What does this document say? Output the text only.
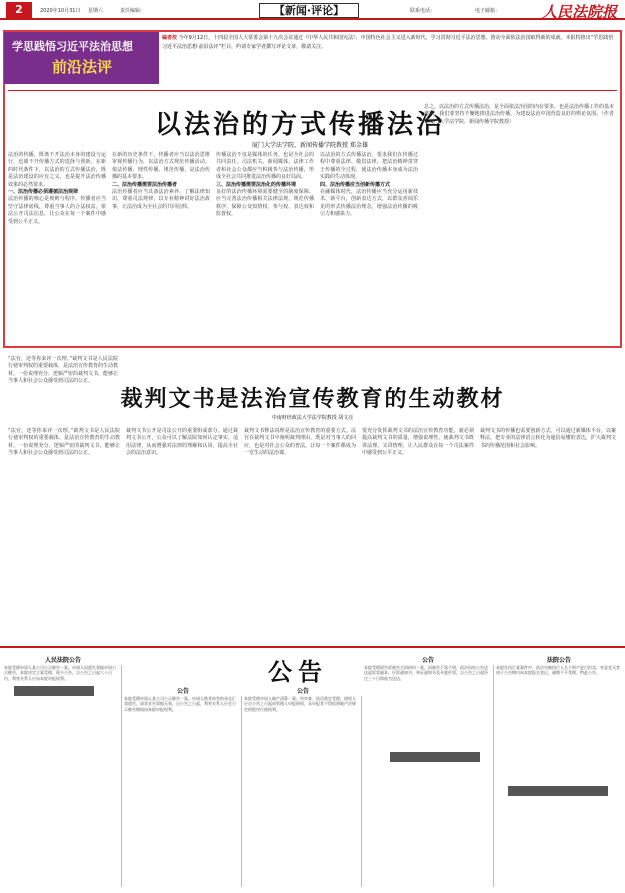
2	2020年10月31日 星期六	责任编辑：	【新闻·评论】	联系电话：	电子邮箱：	人民法院报
学思践悟习近平法治思想
前沿法评
编者按 今年9月12日，十四届全国人大常委会第十九次会议通过《中华人民共和国宪法》，中国特色社会主义进入新时代，学习贯彻习近平法治思想，推动全面依法治国取得新的成就。本报特推出“学思践悟习近平法治思想·前沿法评”栏目，约请专家学者撰写评论文章，敬请关注。
以法治的方式传播法治
厦门大学法学院、新闻传播学院教授 郑金雄
法治的传播，既离不开法治本身的建设与运行，也离不开传播方式的选择与创新。在新的时代条件下，以法治的方式传播法治，既是法治建设的应有之义，也是提升法治传播效果的必然要求。
一、法治传播必须遵循法治规律
法治传播的核心是规则与程序。传播者应当坚守法律底线，尊重当事人的合法权益，依法公开司法信息，让公众在每一个案件中感受到公平正义。
在新的历史条件下，传播者应当以法治思维审视传播行为，以法治方式规范传播活动。依法传播、理性传播、规范传播，是法治传播的基本要求。
二、法治传播需要法治传播者
法治传播者应当具备法治素养，了解法律知识，尊重司法规律，以专业精神讲好法治故事，让法治成为全社会的共同信仰。
传播法治不仅是媒体的任务，也是全社会的共同责任。司法机关、新闻媒体、法律工作者和社会公众都应当积极参与法治传播，形成全社会共同推进法治传播的良好局面。
三、法治传播需要法治化的传播环境
良好的法治传播环境需要健全的制度保障。应当完善法治传播相关法律法规，规范传播秩序，保障公众知情权、参与权、表达权和监督权。
以法治的方式传播法治，要求我们在传播过程中尊重法律、敬畏法律，把法治精神贯穿于传播的全过程，使法治传播本身成为法治实践的生动体现。
四、法治传播应当创新传播方式
在融媒体时代，法治传播应当充分运用新技术、新平台，创新表达方式，以群众喜闻乐见的形式传播法治理念，增强法治传播的吸引力和感染力。
总之，以法治的方式传播法治，是全面依法治国的内在要求，也是法治传播工作的基本遵循。我们要坚持不懈地推进法治传播，为建设法治中国营造良好的舆论氛围。（作者系厦门大学法学院、新闻传播学院教授）
“法官，还等你来评一次理。”裁判文书是人民法院行使审判权的重要载体，是法治宣传教育的生动教材。一份说理充分、逻辑严密的裁判文书，能够让当事人和社会公众感受到司法的公正。
裁判文书是法治宣传教育的生动教材
中南财经政法大学法学院教授 胡文亮
“法官，还等你来评一次理。”裁判文书是人民法院行使审判权的重要载体，是法治宣传教育的生动教材。一份说理充分、逻辑严密的裁判文书，能够让当事人和社会公众感受到司法的公正。
裁判文书公开是司法公开的重要组成部分。通过裁判文书公开，公众可以了解法院如何认定事实、适用法律，从而增强对法律的理解和认同，提高全社会的法治意识。
裁判文书释法说理是法治宣传教育的重要方式。法官在裁判文书中阐明裁判理由，既是对当事人的回应，也是对社会公众的普法，让每一个案件都成为一堂生动的法治课。
要充分发挥裁判文书的法治宣传教育功能，就必须提高裁判文书的质量，增强说理性，使裁判文书既讲法理、又讲情理，让人民群众在每一个司法案件中感受到公平正义。
裁判文书的传播也需要创新方式。可以通过新媒体平台，以案释法，把专业的法律语言转化为通俗易懂的表达，扩大裁判文书的传播范围和社会影响。
公告
人民法院公告
本院受理申请人某公司公示催告一案，申请人因遗失票据申请公示催告，本院决定立案受理。现予公告。自公告之日起六十日内，利害关系人应向本院申报权利。
公告
本院受理申请人某公司公示催告一案。申请人称其持有的承兑汇票遗失，请求宣告票据无效。自公告之日起，利害关系人应在公示催告期间向本院申报权利。
公告
本院受理申请人破产清算一案，经审查，依法裁定受理。债权人应自公告之日起向管理人申报债权，未申报者不得依照破产法规定的程序行使权利。
公告
本院受理原告诉被告合同纠纷一案，因被告下落不明，依法向你公告送达起诉状副本、应诉通知书、举证通知书及开庭传票。自公告之日起经过三十日即视为送达。
法院公告
本院在执行某案件中，依法对被执行人名下财产进行拍卖。有意竞买者请于公告期内向本院报名登记，逾期不予受理。特此公告。
